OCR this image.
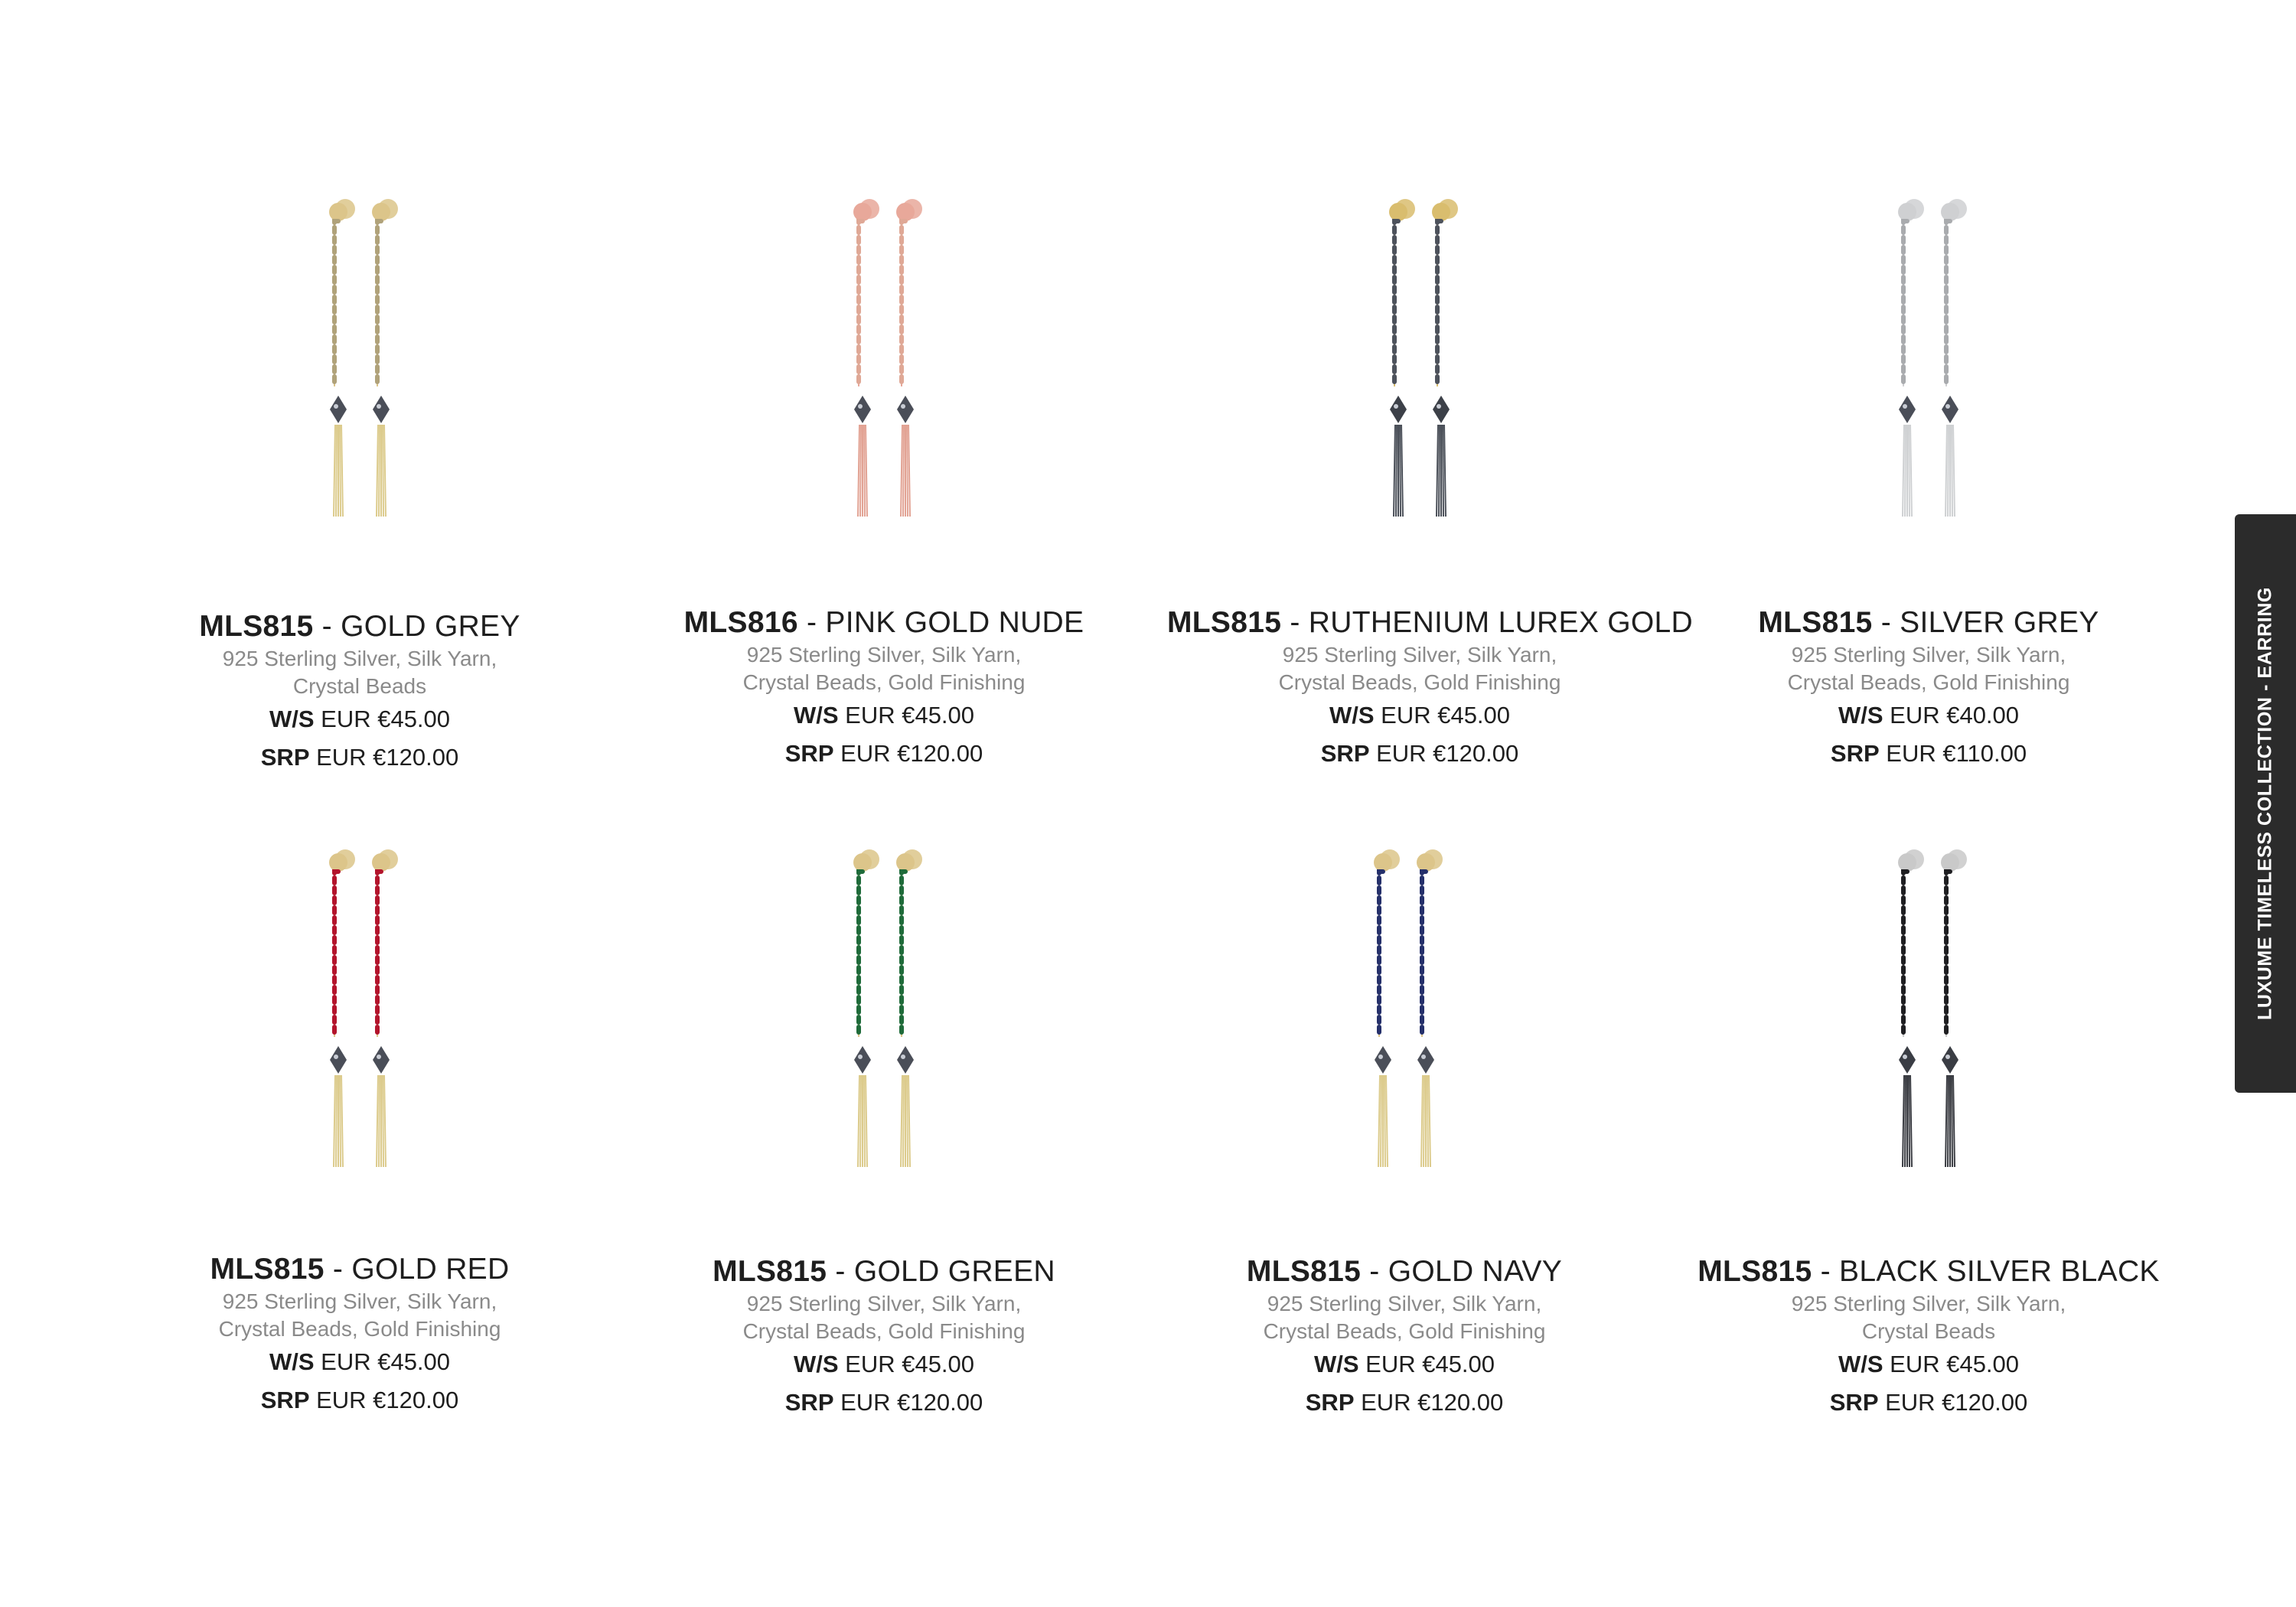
MLS815 - GOLD GREY
925 Sterling Silver, Silk Yarn,
Crystal Beads
W/S EUR €45.00
SRP EUR €120.00
MLS816 - PINK GOLD NUDE
925 Sterling Silver, Silk Yarn,
Crystal Beads, Gold Finishing
W/S EUR €45.00
SRP EUR €120.00
MLS815 - RUTHENIUM LUREX GOLD
925 Sterling Silver, Silk Yarn,
Crystal Beads, Gold Finishing
W/S EUR €45.00
SRP EUR €120.00
MLS815 - SILVER GREY
925 Sterling Silver, Silk Yarn,
Crystal Beads, Gold Finishing
W/S EUR €40.00
SRP EUR €110.00
MLS815 - GOLD RED
925 Sterling Silver, Silk Yarn,
Crystal Beads, Gold Finishing
W/S EUR €45.00
SRP EUR €120.00
MLS815 - GOLD GREEN
925 Sterling Silver, Silk Yarn,
Crystal Beads, Gold Finishing
W/S EUR €45.00
SRP EUR €120.00
MLS815 - GOLD NAVY
925 Sterling Silver, Silk Yarn,
Crystal Beads, Gold Finishing
W/S EUR €45.00
SRP EUR €120.00
MLS815 - BLACK SILVER BLACK
925 Sterling Silver, Silk Yarn,
Crystal Beads
W/S EUR €45.00
SRP EUR €120.00
LUXUME TIMELESS COLLECTION - EARRING
